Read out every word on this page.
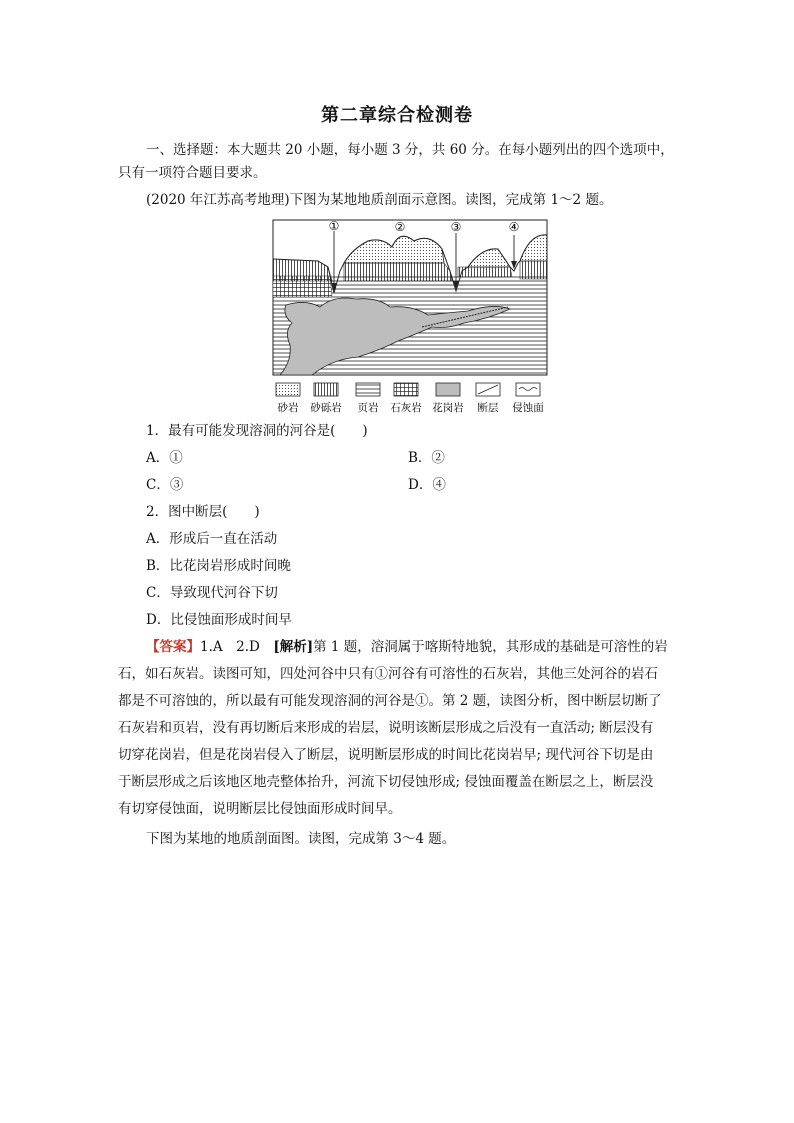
第二章综合检测卷
一、选择题：本大题共 20 小题，每小题 3 分，共 60 分。在每小题列出的四个选项中，
只有一项符合题目要求。
(2020 年江苏高考地理)下图为某地地质剖面示意图。读图，完成第 1～2 题。
①	②	③	④
砂岩 砂砾岩 页岩 石灰岩 花岗岩 断层 侵蚀面
1．最有可能发现溶洞的河谷是(　　)
A．①	B．②
C．③	D．④
2．图中断层(　　)
A．形成后一直在活动
B．比花岗岩形成时间晚
C．导致现代河谷下切
D．比侵蚀面形成时间早
【答案】1.A　2.D　[解析]第 1 题，溶洞属于喀斯特地貌，其形成的基础是可溶性的岩
石，如石灰岩。读图可知，四处河谷中只有①河谷有可溶性的石灰岩，其他三处河谷的岩石
都是不可溶蚀的，所以最有可能发现溶洞的河谷是①。第 2 题，读图分析，图中断层切断了
石灰岩和页岩，没有再切断后来形成的岩层，说明该断层形成之后没有一直活动; 断层没有
切穿花岗岩，但是花岗岩侵入了断层，说明断层形成的时间比花岗岩早; 现代河谷下切是由
于断层形成之后该地区地壳整体抬升，河流下切侵蚀形成; 侵蚀面覆盖在断层之上，断层没
有切穿侵蚀面，说明断层比侵蚀面形成时间早。
下图为某地的地质剖面图。读图，完成第 3～4 题。
